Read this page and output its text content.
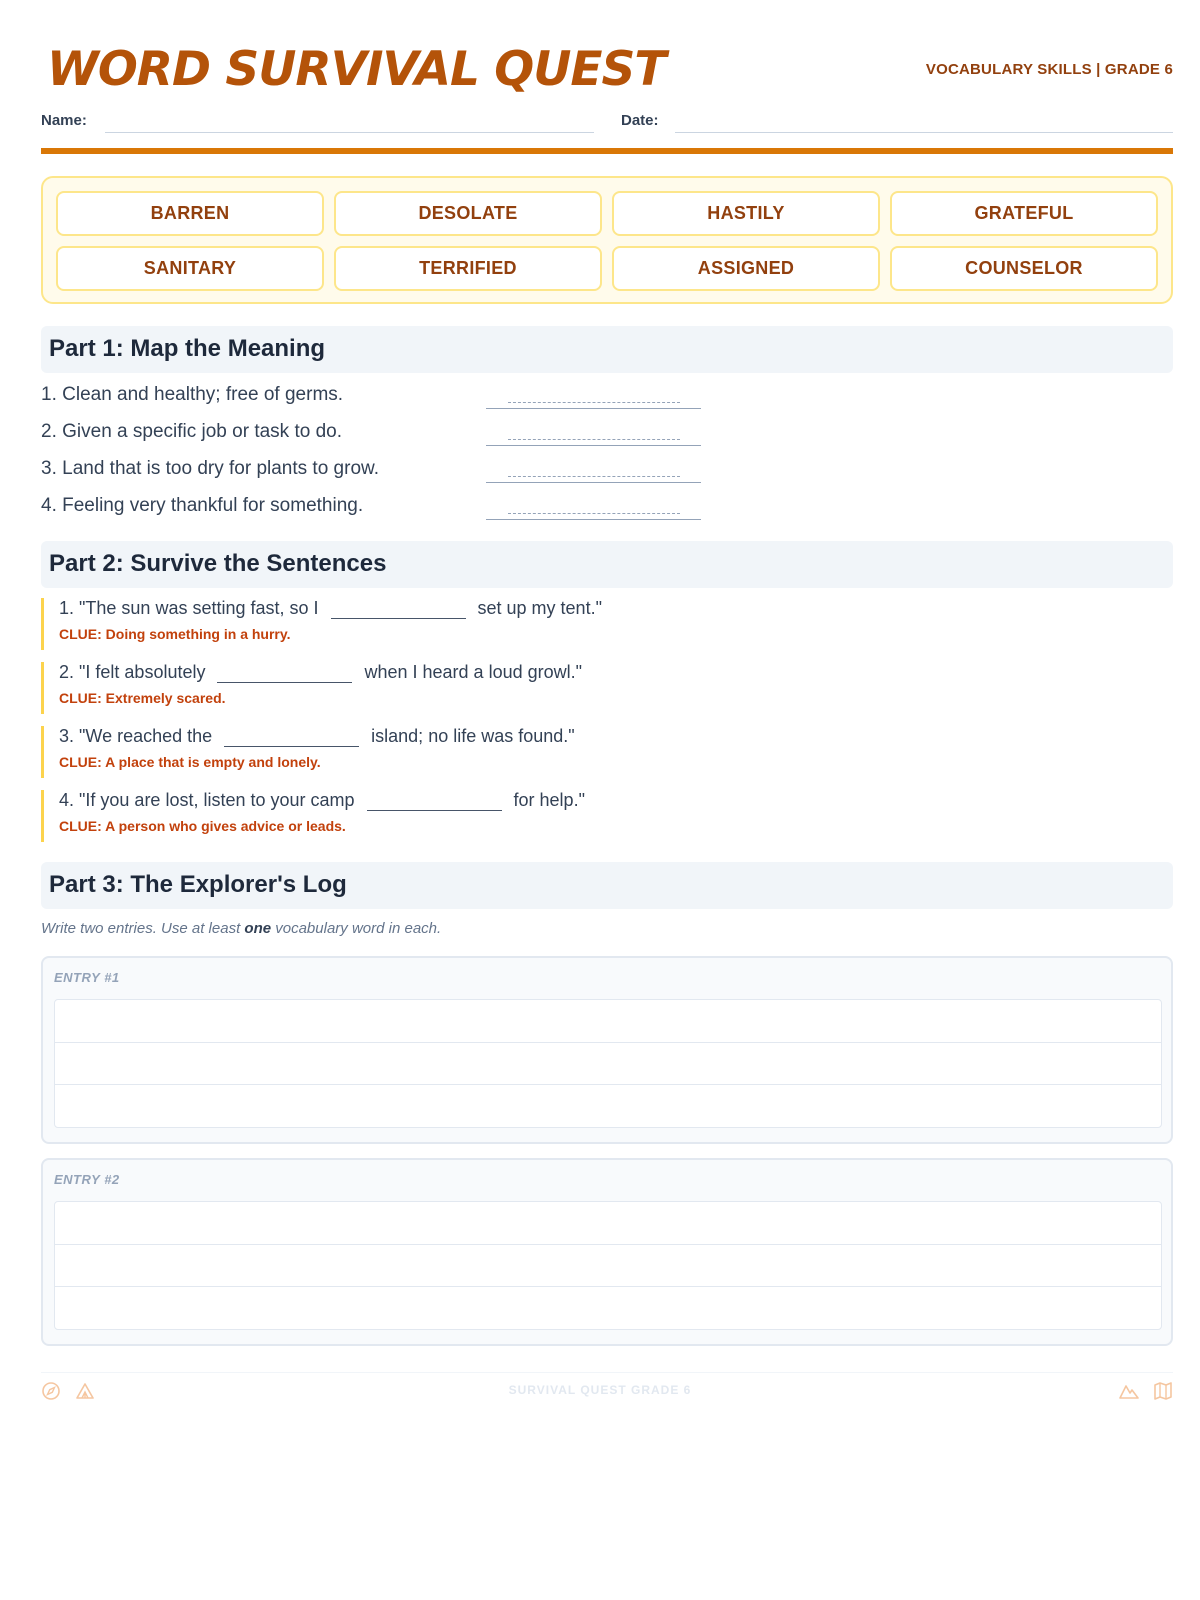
WORD SURVIVAL QUEST	VOCABULARY SKILLS | GRADE 6
Name:	Date:
BARREN	DESOLATE	HASTILY	GRATEFUL
SANITARY	TERRIFIED	ASSIGNED	COUNSELOR
Part 1: Map the Meaning
1. Clean and healthy; free of germs.
2. Given a specific job or task to do.
3. Land that is too dry for plants to grow.
4. Feeling very thankful for something.
Part 2: Survive the Sentences
1. "The sun was setting fast, so I	set up my tent."
CLUE: Doing something in a hurry.
2. "I felt absolutely	when I heard a loud growl."
CLUE: Extremely scared.
3. "We reached the	island; no life was found."
CLUE: A place that is empty and lonely.
4. "If you are lost, listen to your camp	for help."
CLUE: A person who gives advice or leads.
Part 3: The Explorer's Log
Write two entries. Use at least one vocabulary word in each.
ENTRY #1
ENTRY #2
SURVIVAL QUEST GRADE 6
